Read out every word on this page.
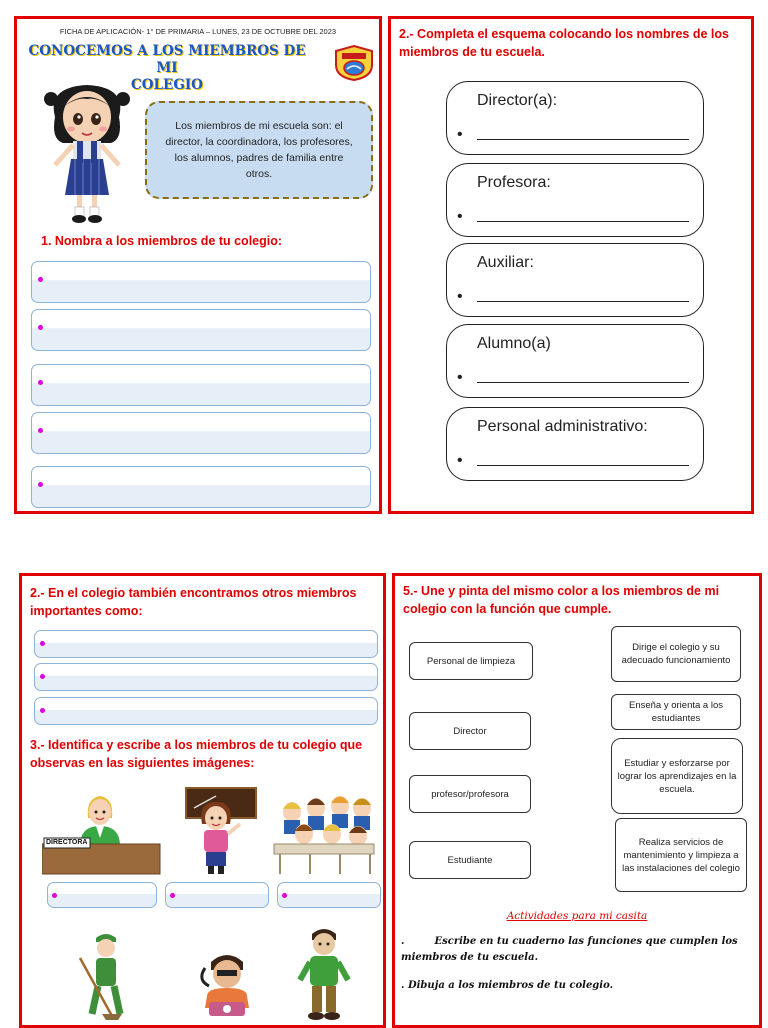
FICHA DE APLICACIÓN- 1° DE PRIMARIA – LUNES, 23 DE OCTUBRE DEL 2023
CONOCEMOS A LOS MIEMBROS DE MI
COLEGIO
Los miembros de mi escuela son: el director, la coordinadora, los profesores, los alumnos, padres de familia entre otros.
1. Nombra a los miembros de tu colegio:
2.- Completa el esquema colocando los nombres de los miembros de tu escuela.
Director(a):
•
Profesora:
•
Auxiliar:
•
Alumno(a)
•
Personal administrativo:
•
2.- En el colegio también encontramos otros miembros importantes como:
3.- Identifica y escribe a los miembros de tu colegio que observas en las siguientes imágenes:
DIRECTORA
5.- Une y pinta del mismo color a los miembros de mi colegio con la función que cumple.
Personal de limpieza
Director
profesor/profesora
Estudiante
Dirige el colegio y su adecuado funcionamiento
Enseña y orienta a los estudiantes
Estudiar y esforzarse por lograr los aprendizajes en la escuela.
Realiza servicios de mantenimiento y limpieza a las instalaciones del colegio
Actividades para mi casita
.	Escribe en tu cuaderno las funciones que cumplen los miembros de tu escuela.
. Dibuja a los miembros de tu colegio.
